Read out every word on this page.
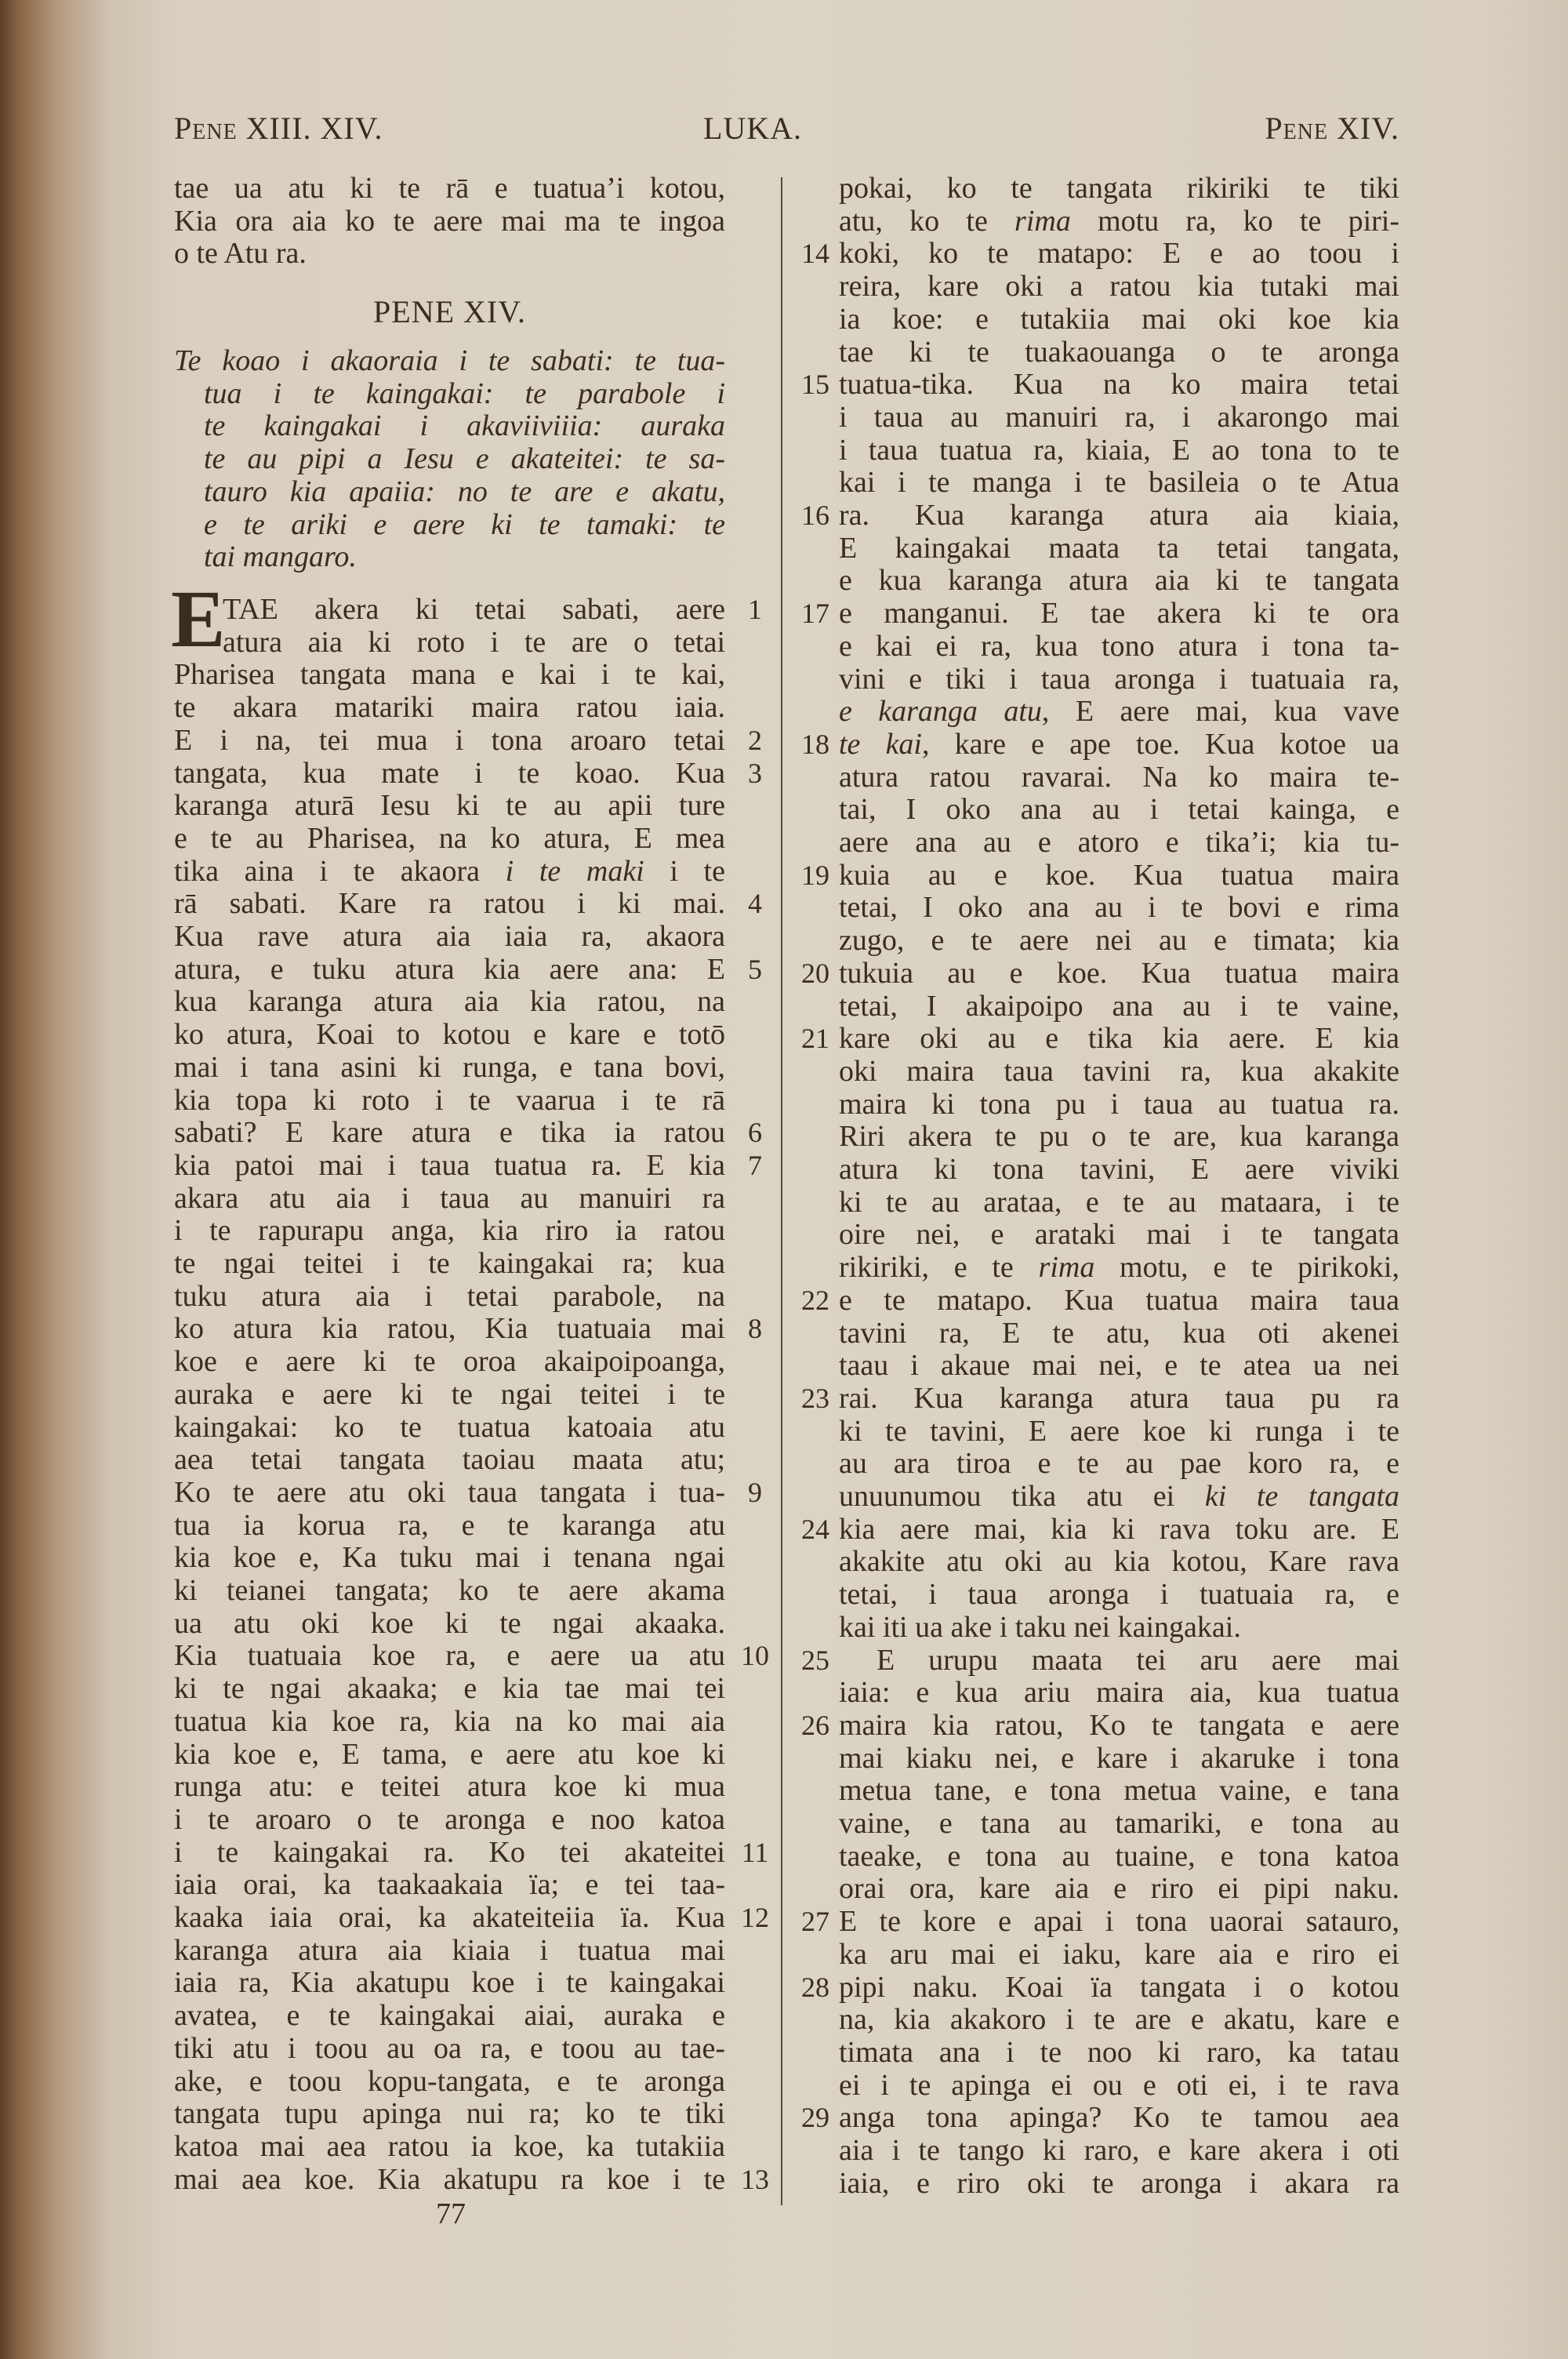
Pene XIII. XIV.	LUKA.	Pene XIV.
tae ua atu ki te rā e tuatua’i kotou,
Kia ora aia ko te aere mai ma te ingoa
o te Atu ra.
Te koao i akaoraia i te sabati: te tua-
tua i te kaingakai: te parabole i
te kaingakai i akaviiviiia: auraka
te au pipi a Iesu e akateitei: te sa-
tauro kia apaiia: no te are e akatu,
e te ariki e aere ki te tamaki: te
tai mangaro.
TAE akera ki tetai sabati, aere 1
atura aia ki roto i te are o tetai
Pharisea tangata mana e kai i te kai,
te akara matariki maira ratou iaia.
E i na, tei mua i tona aroaro tetai 2
tangata, kua mate i te koao. Kua 3
karanga aturā Iesu ki te au apii ture
e te au Pharisea, na ko atura, E mea
tika aina i te akaora i te maki i te
rā sabati. Kare ra ratou i ki mai. 4
Kua rave atura aia iaia ra, akaora
atura, e tuku atura kia aere ana: E 5
kua karanga atura aia kia ratou, na
ko atura, Koai to kotou e kare e totō
mai i tana asini ki runga, e tana bovi,
kia topa ki roto i te vaarua i te rā
sabati? E kare atura e tika ia ratou 6
kia patoi mai i taua tuatua ra. E kia 7
akara atu aia i taua au manuiri ra
i te rapurapu anga, kia riro ia ratou
te ngai teitei i te kaingakai ra; kua
tuku atura aia i tetai parabole, na
ko atura kia ratou, Kia tuatuaia mai 8
koe e aere ki te oroa akaipoipoanga,
auraka e aere ki te ngai teitei i te
kaingakai: ko te tuatua katoaia atu
aea tetai tangata taoiau maata atu;
Ko te aere atu oki taua tangata i tua- 9
tua ia korua ra, e te karanga atu
kia koe e, Ka tuku mai i tenana ngai
ki teianei tangata; ko te aere akama
ua atu oki koe ki te ngai akaaka.
Kia tuatuaia koe ra, e aere ua atu 10
ki te ngai akaaka; e kia tae mai tei
tuatua kia koe ra, kia na ko mai aia
kia koe e, E tama, e aere atu koe ki
runga atu: e teitei atura koe ki mua
i te aroaro o te aronga e noo katoa
i te kaingakai ra. Ko tei akateitei 11
iaia orai, ka taakaakaia ïa; e tei taa-
kaaka iaia orai, ka akateiteiia ïa. Kua 12
karanga atura aia kiaia i tuatua mai
iaia ra, Kia akatupu koe i te kaingakai
avatea, e te kaingakai aiai, auraka e
tiki atu i toou au oa ra, e toou au tae-
ake, e toou kopu-tangata, e te aronga
tangata tupu apinga nui ra; ko te tiki
katoa mai aea ratou ia koe, ka tutakiia
mai aea koe. Kia akatupu ra koe i te 13
PENE XIV.
E
pokai, ko te tangata rikiriki te tiki
atu, ko te rima motu ra, ko te piri-
koki, ko te matapo: E e ao toou i
14
reira, kare oki a ratou kia tutaki mai
ia koe: e tutakiia mai oki koe kia
tae ki te tuakaouanga o te aronga
tuatua-tika. Kua na ko maira tetai
15
i taua au manuiri ra, i akarongo mai
i taua tuatua ra, kiaia, E ao tona to te
kai i te manga i te basileia o te Atua
ra. Kua karanga atura aia kiaia,
16
E kaingakai maata ta tetai tangata,
e kua karanga atura aia ki te tangata
e manganui. E tae akera ki te ora
17
e kai ei ra, kua tono atura i tona ta-
vini e tiki i taua aronga i tuatuaia ra,
e karanga atu, E aere mai, kua vave
te kai, kare e ape toe. Kua kotoe ua
18
atura ratou ravarai. Na ko maira te-
tai, I oko ana au i tetai kainga, e
aere ana au e atoro e tika’i; kia tu-
kuia au e koe. Kua tuatua maira
19
tetai, I oko ana au i te bovi e rima
zugo, e te aere nei au e timata; kia
tukuia au e koe. Kua tuatua maira
20
tetai, I akaipoipo ana au i te vaine,
kare oki au e tika kia aere. E kia
21
oki maira taua tavini ra, kua akakite
maira ki tona pu i taua au tuatua ra.
Riri akera te pu o te are, kua karanga
atura ki tona tavini, E aere viviki
ki te au arataa, e te au mataara, i te
oire nei, e arataki mai i te tangata
rikiriki, e te rima motu, e te pirikoki,
e te matapo. Kua tuatua maira taua
22
tavini ra, E te atu, kua oti akenei
taau i akaue mai nei, e te atea ua nei
rai. Kua karanga atura taua pu ra
23
ki te tavini, E aere koe ki runga i te
au ara tiroa e te au pae koro ra, e
unuunumou tika atu ei ki te tangata
kia aere mai, kia ki rava toku are. E
24
akakite atu oki au kia kotou, Kare rava
tetai, i taua aronga i tuatuaia ra, e
kai iti ua ake i taku nei kaingakai.
E urupu maata tei aru aere mai
25
iaia: e kua ariu maira aia, kua tuatua
maira kia ratou, Ko te tangata e aere
26
mai kiaku nei, e kare i akaruke i tona
metua tane, e tona metua vaine, e tana
vaine, e tana au tamariki, e tona au
taeake, e tona au tuaine, e tona katoa
orai ora, kare aia e riro ei pipi naku.
E te kore e apai i tona uaorai satauro,
27
ka aru mai ei iaku, kare aia e riro ei
pipi naku. Koai ïa tangata i o kotou
28
na, kia akakoro i te are e akatu, kare e
timata ana i te noo ki raro, ka tatau
ei i te apinga ei ou e oti ei, i te rava
anga tona apinga? Ko te tamou aea
29
aia i te tango ki raro, e kare akera i oti
iaia, e riro oki te aronga i akara ra
77
